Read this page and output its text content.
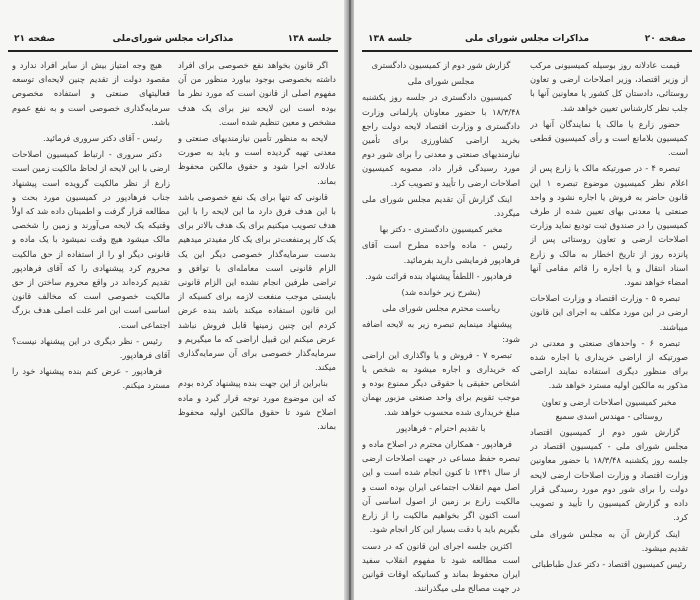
صفحه ۲۱	مذاکرات مجلس شورای‌ملی	جلسه ۱۳۸

اگر قانون بخواهد نفع خصوصی برای افراد داشته بخصوصی بوجود بیاورد منظور من آن مفهوم اصلی از قانون است که مورد نظر ما بوده است این لایحه نیز برای یک هدف مشخص و معین تنظیم شده است.

لایحه به منظور تأمین نیازمندیهای صنعتی و معدنی تهیه گردیده است و باید به صورت عادلانه اجرا شود و حقوق مالکین محفوظ بماند.

قانونی که تنها برای یک نفع خصوصی باشد با این هدف فرق دارد ما این لایحه را با این هدف تصویب میکنیم برای یک هدف بالاتر برای یک کار پرمنفعت‌تر برای یک کار مفیدتر میدهیم بدست سرمایه‌گذار خصوصی دیگر این یک الزام قانونی است معامله‌ای با توافق و تراضی طرفین انجام نشده این الزام قانونی بایستی موجب منفعت لازمه برای کسیکه از این قانون استفاده میکند باشد بنده عرض کردم این چنین زمینها قابل فروش نباشد عرض میکنم این قبیل اراضی که ما میگیریم و سرمایه‌گذار خصوصی برای آن سرمایه‌گذاری میکند.

بنابراین از این جهت بنده پیشنهاد کرده بودم که این موضوع مورد توجه قرار گیرد و ماده اصلاح شود تا حقوق مالکین اولیه محفوظ بماند.

هیچ وجه امتیاز بیش از سایر افراد ندارد و مقصود دولت از تقدیم چنین لایحه‌ای توسعه فعالیتهای صنعتی و استفاده مخصوص سرمایه‌گذاری خصوصی است و به نفع عموم باشد.

رئیس - آقای دکتر سروری فرمائید.

دکتر سروری - ارتباط کمیسیون اصلاحات ارضی با این لایحه از لحاظ مالکیت زمین است زارع از نظر مالکیت گرویده است پیشنهاد جناب فرهادپور در کمیسیون مورد بحث و مطالعه قرار گرفت و اطمینان داده شد که اولاً وقتیکه یک لایحه می‌آورند و زمین را شخصی مالک میشود هیچ وقت نمیشود با یک ماده و قانونی دیگر او را از استفاده از حق مالکیت محروم کرد پیشنهادی را که آقای فرهادپور تقدیم کرده‌اند در واقع محروم ساختن از حق مالکیت خصوصی است که مخالف قانون اساسی است این امر علت اصلی هدف بزرگ اجتماعی است.

رئیس - نظر دیگری در این پیشنهاد نیست؟ آقای فرهادپور.

فرهادپور - عرض کنم بنده پیشنهاد خود را مسترد میکنم.

جلسه ۱۳۸	مذاکرات مجلس شورای ملی	صفحه ۲۰

قیمت عادلانه روز بوسیله کمیسیونی مرکب از وزیر اقتصاد، وزیر اصلاحات ارضی و تعاون روستائی، دادستان کل کشور یا معاونین آنها با جلب نظر کارشناس تعیین خواهد شد.

حضور زارع یا مالک یا نمایندگان آنها در کمیسیون بلامانع است و رأی کمیسیون قطعی است.

تبصره ۴ - در صورتیکه مالک یا زارع پس از اعلام نظر کمیسیون موضوع تبصره ۱ این قانون حاضر به فروش یا اجاره نشود و واحد صنعتی یا معدنی بهای تعیین شده از طرف کمیسیون را در صندوق ثبت تودیع نماید وزارت اصلاحات ارضی و تعاون روستائی پس از پانزده روز از تاریخ اخطار به مالک و زارع اسناد انتقال و یا اجاره را قائم مقامی آنها امضاء خواهد نمود.

تبصره ۵ - وزارت اقتصاد و وزارت اصلاحات ارضی در این مورد مکلف به اجرای این قانون میباشند.

تبصره ۶ - واحدهای صنعتی و معدنی در صورتیکه از اراضی خریداری یا اجاره شده برای منظور دیگری استفاده نمایند اراضی مذکور به مالکین اولیه مسترد خواهد شد.

مخبر کمیسیون اصلاحات ارضی و تعاون روستائی - مهندس اسدی سمیع

گزارش شور دوم از کمیسیون اقتصاد مجلس شورای ملی - کمیسیون اقتصاد در جلسه روز یکشنبه ۱۸/۳/۴۸ با حضور معاونین وزارت اقتصاد و وزارت اصلاحات ارضی لایحه دولت را برای شور دوم مورد رسیدگی قرار داده و گزارش کمیسیون را تأیید و تصویب کرد.

اینک گزارش آن به مجلس شورای ملی تقدیم میشود.

رئیس کمیسیون اقتصاد - دکتر عدل طباطبائی

گزارش شور دوم از کمیسیون دادگستری

مجلس شورای ملی

کمیسیون دادگستری در جلسه روز یکشنبه ۱۸/۳/۴۸ با حضور معاونان پارلمانی وزارت دادگستری و وزارت اقتصاد لایحه دولت راجع بخرید اراضی کشاورزی برای تأمین نیازمندیهای صنعتی و معدنی را برای شور دوم مورد رسیدگی قرار داد، مصوبه کمیسیون اصلاحات ارضی را تأیید و تصویب کرد.

اینک گزارش آن تقدیم مجلس شورای ملی میگردد.

مخبر کمیسیون دادگستری - دکتر بها

رئیس - ماده واحده مطرح است آقای فرهادپور فرمایشی دارید بفرمائید.

فرهادپور - اللطفاً پیشنهاد بنده قرائت شود.

(بشرح زیر خوانده شد)

ریاست محترم مجلس شورای ملی

پیشنهاد مینمایم تبصره زیر به لایحه اضافه شود:

تبصره ۷ - فروش و یا واگذاری این اراضی که خریداری و اجاره میشود به شخص یا اشخاص حقیقی یا حقوقی دیگر ممنوع بوده و موجب تقویم برای واحد صنعتی مزبور بهمان مبلغ خریداری شده محسوب خواهد شد.

با تقدیم احترام - فرهادپور

فرهادپور - همکاران محترم در اصلاح ماده و تبصره حفظ مساعی در جهت اصلاحات ارضی از سال ۱۳۴۱ تا کنون انجام شده است و این اصل مهم انقلاب اجتماعی ایران بوده است و مالکیت زارع بر زمین از اصول اساسی آن است اکنون اگر بخواهیم مالکیت را از زارع بگیریم باید با دقت بسیار این کار انجام شود.

اکثرین جلسه اجرای این قانون که در دست است مطالعه شود تا مفهوم انقلاب سفید ایران محفوظ بماند و کسانیکه اوقات قوانین در جهت مصالح ملی میگذرانند.
